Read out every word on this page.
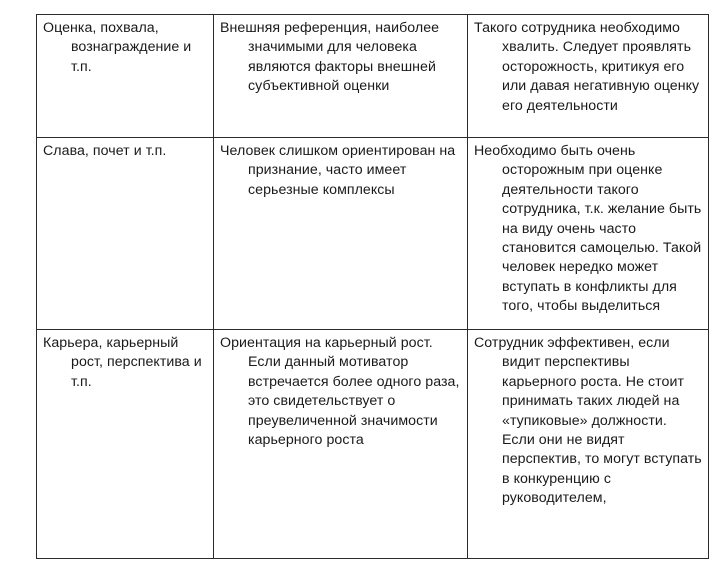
Оценка, похвала, вознаграждение и т.п.	Внешняя референция, наиболее значимыми для человека являются факторы внешней субъективной оценки	Такого сотрудника необходимо хвалить. Следует проявлять осторожность, критикуя его или давая негативную оценку его деятельности

Слава, почет и т.п.	Человек слишком ориентирован на признание, часто имеет серьезные комплексы	Необходимо быть очень осторожным при оценке деятельности такого сотрудника, т.к. желание быть на виду очень часто становится самоцелью. Такой человек нередко может вступать в конфликты для того, чтобы выделиться

Карьера, карьерный рост, перспектива и т.п.	Ориентация на карьерный рост. Если данный мотиватор встречается более одного раза, это свидетельствует о преувеличенной значимости карьерного роста	Сотрудник эффективен, если видит перспективы карьерного роста. Не стоит принимать таких людей на «тупиковые» должности. Если они не видят перспектив, то могут вступать в конкуренцию с руководителем,
